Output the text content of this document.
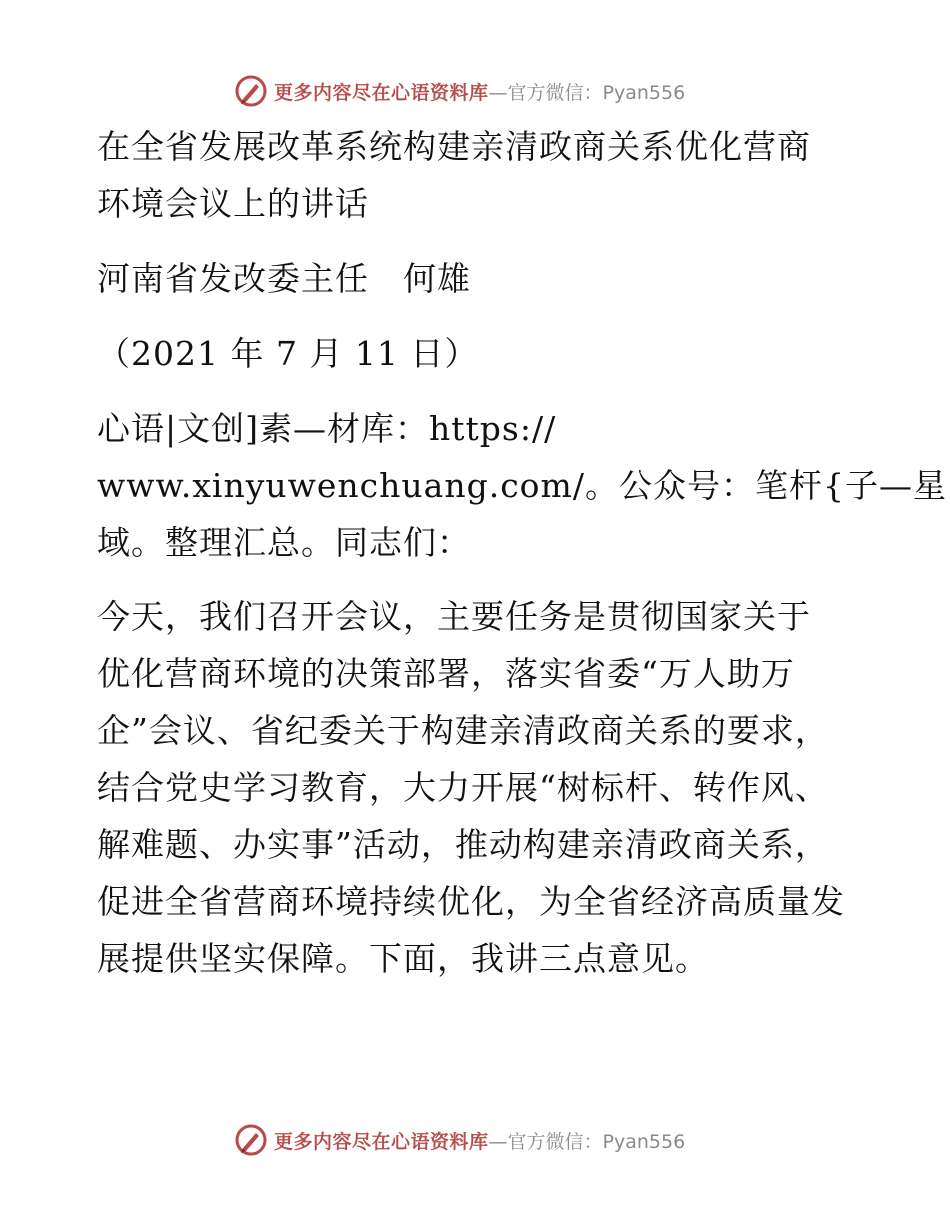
更多内容尽在心语资料库 —官方微信：Pyan556
在全省发展改革系统构建亲清政商关系优化营商
环境会议上的讲话
河南省发改委主任　何雄
（2021 年 7 月 11 日）
心语|文创]素—材库：https://
www.xinyuwenchuang.com/。公众号：笔杆{子—星
域。整理汇总。同志们：
今天，我们召开会议，主要任务是贯彻国家关于
优化营商环境的决策部署，落实省委“万人助万
企”会议、省纪委关于构建亲清政商关系的要求，
结合党史学习教育，大力开展“树标杆、转作风、
解难题、办实事”活动，推动构建亲清政商关系，
促进全省营商环境持续优化，为全省经济高质量发
展提供坚实保障。下面，我讲三点意见。
更多内容尽在心语资料库 —官方微信：Pyan556
